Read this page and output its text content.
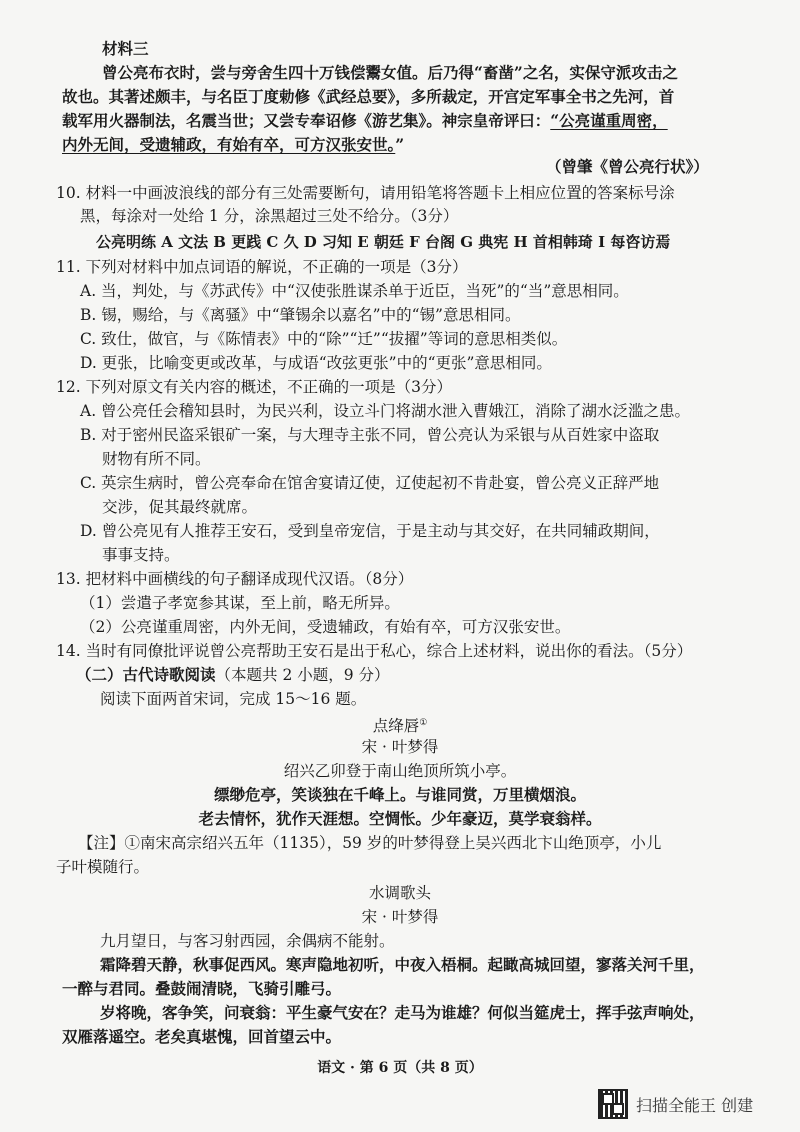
材料三
曾公亮布衣时，尝与旁舍生四十万钱偿鬻女值。后乃得“畜凿”之名，实保守派攻击之
故也。其著述颇丰，与名臣丁度勅修《武经总要》，多所裁定，开宫定军事全书之先河，首
载军用火器制法，名震当世；又尝专奉诏修《游艺集》。神宗皇帝评曰：“公亮谨重周密，
内外无间，受遗辅政，有始有卒，可方汉张安世。”
（曾肇《曾公亮行状》）
10. 材料一中画波浪线的部分有三处需要断句，请用铅笔将答题卡上相应位置的答案标号涂
黑，每涂对一处给 1 分，涂黑超过三处不给分。（3分）
公亮明练 A 文法 B 更践 C 久 D 习知 E 朝廷 F 台阁 G 典宪 H 首相韩琦 I 每咨访焉
11. 下列对材料中加点词语的解说，不正确的一项是（3分）
A. 当，判处，与《苏武传》中“汉使张胜谋杀单于近臣，当死”的“当”意思相同。
B. 锡，赐给，与《离骚》中“肇锡余以嘉名”中的“锡”意思相同。
C. 致仕，做官，与《陈情表》中的“除”“迁”“拔擢”等词的意思相类似。
D. 更张，比喻变更或改革，与成语“改弦更张”中的“更张”意思相同。
12. 下列对原文有关内容的概述，不正确的一项是（3分）
A. 曾公亮任会稽知县时，为民兴利，设立斗门将湖水泄入曹娥江，消除了湖水泛滥之患。
B. 对于密州民盗采银矿一案，与大理寺主张不同，曾公亮认为采银与从百姓家中盗取
财物有所不同。
C. 英宗生病时，曾公亮奉命在馆舍宴请辽使，辽使起初不肯赴宴，曾公亮义正辞严地
交涉，促其最终就席。
D. 曾公亮见有人推荐王安石，受到皇帝宠信，于是主动与其交好，在共同辅政期间，
事事支持。
13. 把材料中画横线的句子翻译成现代汉语。（8分）
（1）尝遣子孝宽参其谋，至上前，略无所异。
（2）公亮谨重周密，内外无间，受遗辅政，有始有卒，可方汉张安世。
14. 当时有同僚批评说曾公亮帮助王安石是出于私心，综合上述材料，说出你的看法。（5分）
（二）古代诗歌阅读（本题共 2 小题，9 分）
阅读下面两首宋词，完成 15～16 题。
点绛唇①
宋 · 叶梦得
绍兴乙卯登于南山绝顶所筑小亭。
缥缈危亭，笑谈独在千峰上。与谁同赏，万里横烟浪。
老去情怀，犹作天涯想。空惆怅。少年豪迈，莫学衰翁样。
【注】①南宋高宗绍兴五年（1135），59 岁的叶梦得登上吴兴西北卞山绝顶亭，小儿
子叶模随行。
水调歌头
宋 · 叶梦得
九月望日，与客习射西园，余偶病不能射。
霜降碧天静，秋事促西风。寒声隐地初听，中夜入梧桐。起瞰高城回望，寥落关河千里，
一醉与君同。叠鼓闹清晓，飞骑引雕弓。
岁将晚，客争笑，问衰翁：平生豪气安在？走马为谁雄？何似当筵虎士，挥手弦声响处，
双雁落遥空。老矣真堪愧，回首望云中。
语文 · 第 6 页（共 8 页）
扫描全能王 创建
